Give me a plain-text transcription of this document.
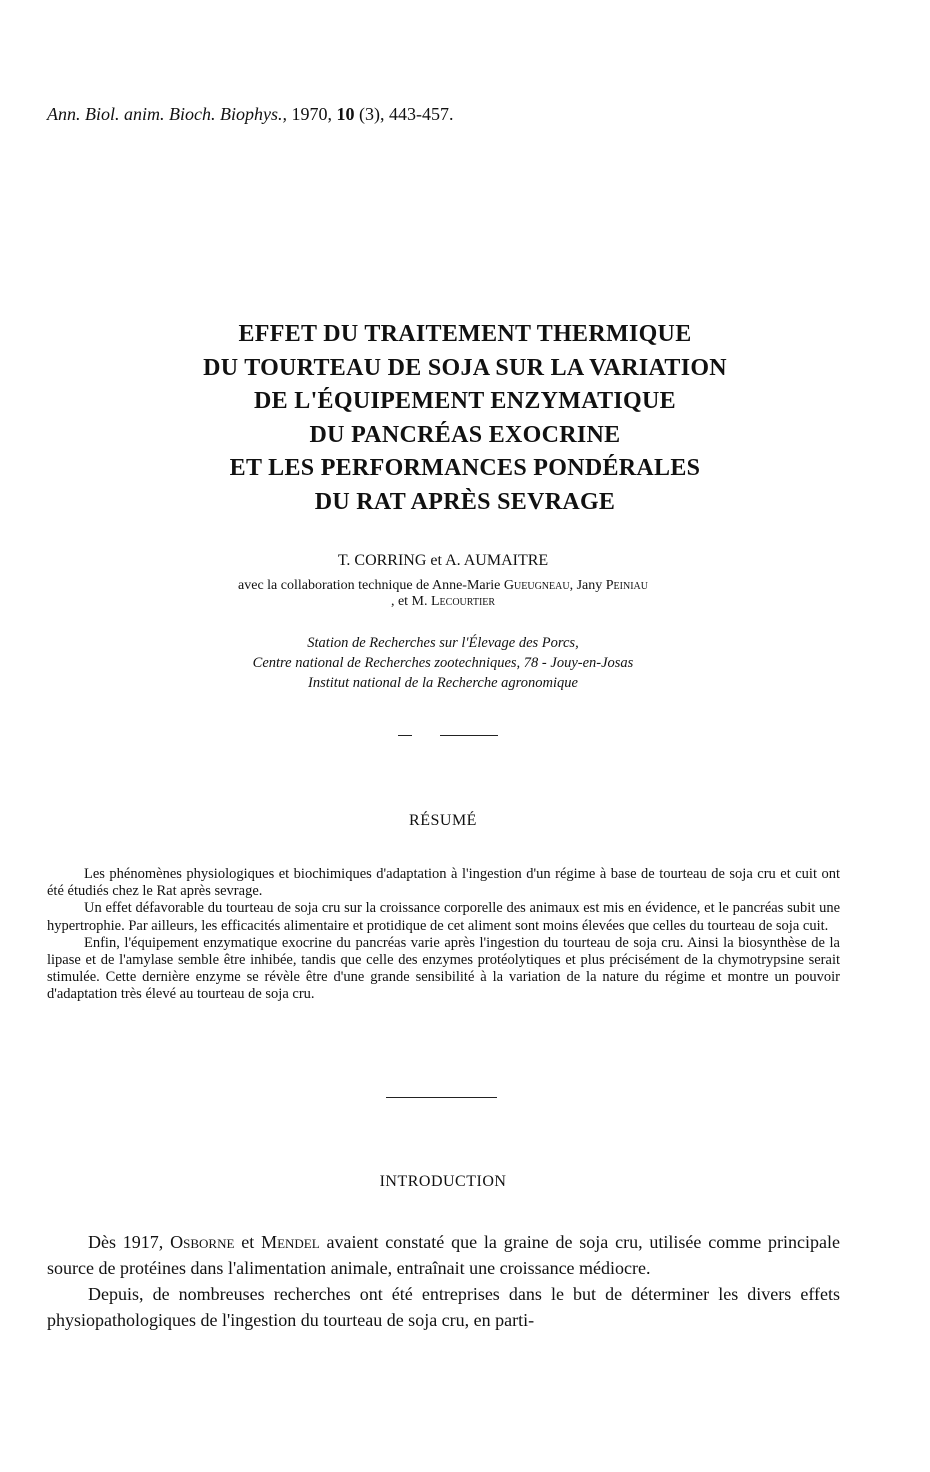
Ann. Biol. anim. Bioch. Biophys., 1970, 10 (3), 443-457.
EFFET DU TRAITEMENT THERMIQUE
DU TOURTEAU DE SOJA SUR LA VARIATION
DE L'ÉQUIPEMENT ENZYMATIQUE
DU PANCRÉAS EXOCRINE
ET LES PERFORMANCES PONDÉRALES
DU RAT APRÈS SEVRAGE
T. CORRING et A. AUMAITRE
avec la collaboration technique de Anne-Marie Gueugneau, Jany Peiniau
, et M. Lecourtier
Station de Recherches sur l'Élevage des Porcs,
Centre national de Recherches zootechniques, 78 - Jouy-en-Josas
Institut national de la Recherche agronomique
RÉSUMÉ

Les phénomènes physiologiques et biochimiques d'adaptation à l'ingestion d'un régime à base de tourteau de soja cru et cuit ont été étudiés chez le Rat après sevrage.

Un effet défavorable du tourteau de soja cru sur la croissance corporelle des animaux est mis en évidence, et le pancréas subit une hypertrophie. Par ailleurs, les efficacités alimentaire et protidique de cet aliment sont moins élevées que celles du tourteau de soja cuit.

Enfin, l'équipement enzymatique exocrine du pancréas varie après l'ingestion du tourteau de soja cru. Ainsi la biosynthèse de la lipase et de l'amylase semble être inhibée, tandis que celle des enzymes protéolytiques et plus précisément de la chymotrypsine serait stimulée. Cette dernière enzyme se révèle être d'une grande sensibilité à la variation de la nature du régime et montre un pouvoir d'adaptation très élevé au tourteau de soja cru.

INTRODUCTION

Dès 1917, Osborne et Mendel avaient constaté que la graine de soja cru, utilisée comme principale source de protéines dans l'alimentation animale, entraînait une croissance médiocre.

Depuis, de nombreuses recherches ont été entreprises dans le but de déterminer les divers effets physiopathologiques de l'ingestion du tourteau de soja cru, en parti-
